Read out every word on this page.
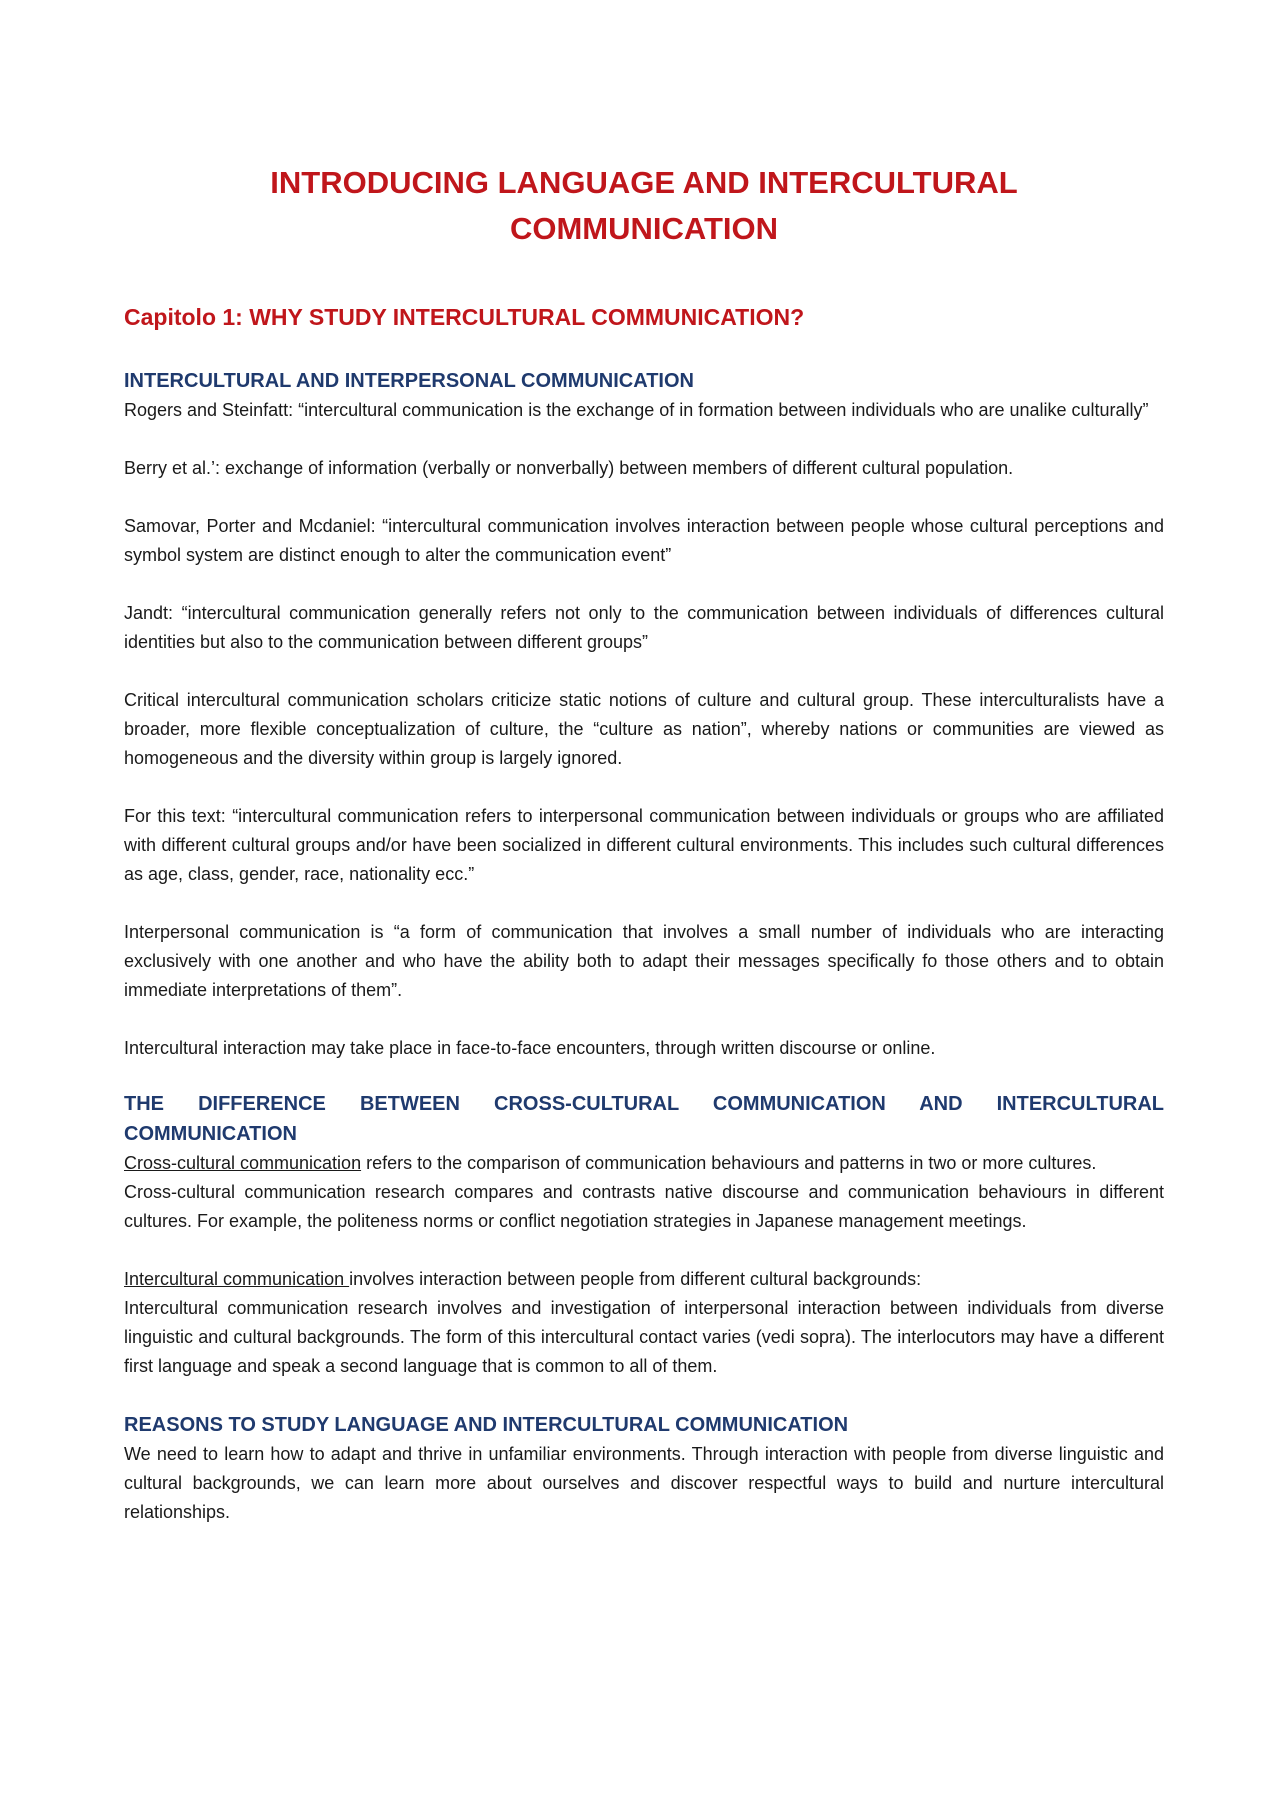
INTRODUCING LANGUAGE AND INTERCULTURAL
COMMUNICATION
Capitolo 1: WHY STUDY INTERCULTURAL COMMUNICATION?
INTERCULTURAL AND INTERPERSONAL COMMUNICATION

Rogers and Steinfatt: “intercultural communication is the exchange of in formation between individuals who are unalike culturally”

Berry et al.’: exchange of information (verbally or nonverbally) between members of different cultural population.

Samovar, Porter and Mcdaniel: “intercultural communication involves interaction between people whose cultural perceptions and symbol system are distinct enough to alter the communication event”

Jandt: “intercultural communication generally refers not only to the communication between individuals of differences cultural identities but also to the communication between different groups”

Critical intercultural communication scholars criticize static notions of culture and cultural group. These interculturalists have a broader, more flexible conceptualization of culture, the “culture as nation”, whereby nations or communities are viewed as homogeneous and the diversity within group is largely ignored.

For this text: “intercultural communication refers to interpersonal communication between individuals or groups who are affiliated with different cultural groups and/or have been socialized in different cultural environments. This includes such cultural differences as age, class, gender, race, nationality ecc.”

Interpersonal communication is “a form of communication that involves a small number of individuals who are interacting exclusively with one another and who have the ability both to adapt their messages specifically fo those others and to obtain immediate interpretations of them”.

Intercultural interaction may take place in face-to-face encounters, through written discourse or online.

THE DIFFERENCE BETWEEN CROSS-CULTURAL COMMUNICATION AND INTERCULTURAL COMMUNICATION

Cross-cultural communication refers to the comparison of communication behaviours and patterns in two or more cultures.

Cross-cultural communication research compares and contrasts native discourse and communication behaviours in different cultures. For example, the politeness norms or conflict negotiation strategies in Japanese management meetings.

Intercultural communication involves interaction between people from different cultural backgrounds:

Intercultural communication research involves and investigation of interpersonal interaction between individuals from diverse linguistic and cultural backgrounds. The form of this intercultural contact varies (vedi sopra). The interlocutors may have a different first language and speak a second language that is common to all of them.

REASONS TO STUDY LANGUAGE AND INTERCULTURAL COMMUNICATION

We need to learn how to adapt and thrive in unfamiliar environments. Through interaction with people from diverse linguistic and cultural backgrounds, we can learn more about ourselves and discover respectful ways to build and nurture intercultural relationships.
